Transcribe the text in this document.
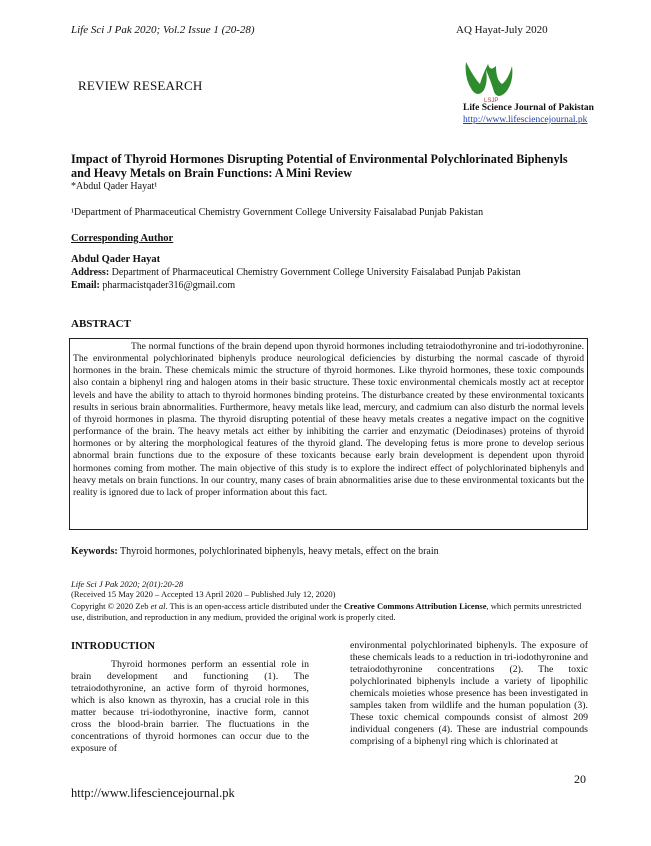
Life Sci J Pak 2020; Vol.2 Issue 1 (20-28)	AQ Hayat-July 2020
REVIEW RESEARCH
LSJP
Life Science Journal of Pakistan
http://www.lifesciencejournal.pk
Impact of Thyroid Hormones Disrupting Potential of Environmental Polychlorinated Biphenyls and Heavy Metals on Brain Functions: A Mini Review
*Abdul Qader Hayat¹
¹Department of Pharmaceutical Chemistry Government College University Faisalabad Punjab Pakistan
Corresponding Author
Abdul Qader Hayat
Address: Department of Pharmaceutical Chemistry Government College University Faisalabad Punjab Pakistan
Email: pharmacistqader316@gmail.com
ABSTRACT

The normal functions of the brain depend upon thyroid hormones including tetraiodothyronine and tri-iodothyronine. The environmental polychlorinated biphenyls produce neurological deficiencies by disturbing the normal cascade of thyroid hormones in the brain. These chemicals mimic the structure of thyroid hormones. Like thyroid hormones, these toxic compounds also contain a biphenyl ring and halogen atoms in their basic structure. These toxic environmental chemicals mostly act at receptor levels and have the ability to attach to thyroid hormones binding proteins. The disturbance created by these environmental toxicants results in serious brain abnormalities. Furthermore, heavy metals like lead, mercury, and cadmium can also disturb the normal levels of thyroid hormones in plasma. The thyroid disrupting potential of these heavy metals creates a negative impact on the cognitive performance of the brain. The heavy metals act either by inhibiting the carrier and enzymatic (Deiodinases) proteins of thyroid hormones or by altering the morphological features of the thyroid gland. The developing fetus is more prone to develop serious abnormal brain functions due to the exposure of these toxicants because early brain development is dependent upon thyroid hormones coming from mother. The main objective of this study is to explore the indirect effect of polychlorinated biphenyls and heavy metals on brain functions. In our country, many cases of brain abnormalities arise due to these environmental toxicants but the reality is ignored due to lack of proper information about this fact.

Keywords: Thyroid hormones, polychlorinated biphenyls, heavy metals, effect on the brain
Life Sci J Pak 2020; 2(01):20-28
(Received 15 May 2020 – Accepted 13 April 2020 – Published July 12, 2020)
Copyright © 2020 Zeb et al. This is an open-access article distributed under the Creative Commons Attribution License, which permits unrestricted use, distribution, and reproduction in any medium, provided the original work is properly cited.
INTRODUCTION

Thyroid hormones perform an essential role in brain development and functioning (1). The tetraiodothyronine, an active form of thyroid hormones, which is also known as thyroxin, has a crucial role in this matter because tri-iodothyronine, inactive form, cannot cross the blood-brain barrier. The fluctuations in the concentrations of thyroid hormones can occur due to the exposure of

environmental polychlorinated biphenyls. The exposure of these chemicals leads to a reduction in tri-iodothyronine and tetraiodothyronine concentrations (2). The toxic polychlorinated biphenyls include a variety of lipophilic chemicals moieties whose presence has been investigated in samples taken from wildlife and the human population (3). These toxic chemical compounds consist of almost 209 individual congeners (4). These are industrial compounds comprising of a biphenyl ring which is chlorinated at

20
http://www.lifesciencejournal.pk
